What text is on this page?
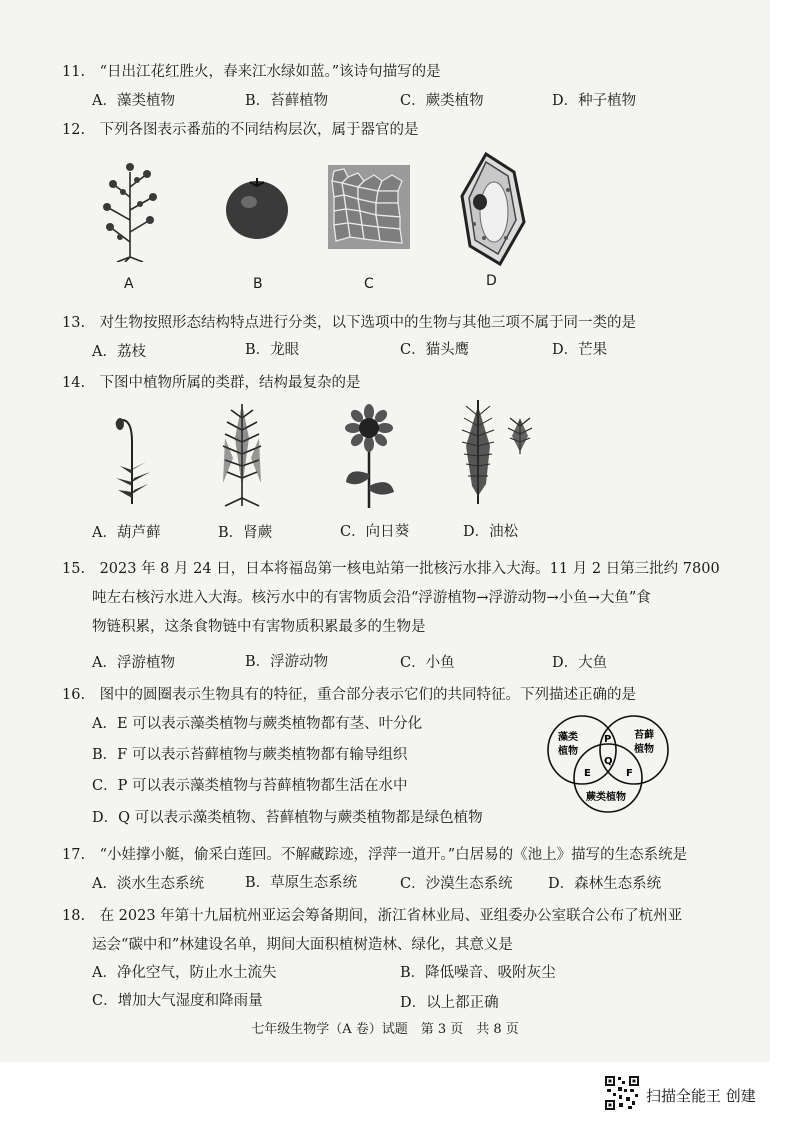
11.　 “日出江花红胜火，春来江水绿如蓝。”该诗句描写的是
A．藻类植物	B．苔藓植物	C．蕨类植物	D．种子植物
12.　 下列各图表示番茄的不同结构层次，属于器官的是
A	B	C	D
13.　 对生物按照形态结构特点进行分类，以下选项中的生物与其他三项不属于同一类的是
A．荔枝	B．龙眼	C．猫头鹰	D．芒果
14.　 下图中植物所属的类群，结构最复杂的是
A．葫芦藓	B．肾蕨	C．向日葵	D．油松
15.　 2023 年 8 月 24 日，日本将福岛第一核电站第一批核污水排入大海。11 月 2 日第三批约 7800
吨左右核污水进入大海。核污水中的有害物质会沿“浮游植物→浮游动物→小鱼→大鱼”食
物链积累，这条食物链中有害物质积累最多的生物是
A．浮游植物	B．浮游动物	C．小鱼	D．大鱼
16.　 图中的圆圈表示生物具有的特征，重合部分表示它们的共同特征。下列描述正确的是
A．E 可以表示藻类植物与蕨类植物都有茎、叶分化
B．F 可以表示苔藓植物与蕨类植物都有输导组织
C．P 可以表示藻类植物与苔藓植物都生活在水中
D．Q 可以表示藻类植物、苔藓植物与蕨类植物都是绿色植物
藻类
植物
苔藓
植物
蕨类植物
P
Q
E	F
17.　 “小娃撑小艇，偷采白莲回。不解藏踪迹，浮萍一道开。”白居易的《池上》描写的生态系统是
A．淡水生态系统	B．草原生态系统	C．沙漠生态系统 D．森林生态系统
18.　 在 2023 年第十九届杭州亚运会筹备期间，浙江省林业局、亚组委办公室联合公布了杭州亚
运会“碳中和”林建设名单，期间大面积植树造林、绿化，其意义是
A．净化空气，防止水土流失	B．降低噪音、吸附灰尘
C．增加大气湿度和降雨量	D．以上都正确
七年级生物学（A 卷）试题　第 3 页　共 8 页
扫描全能王 创建
